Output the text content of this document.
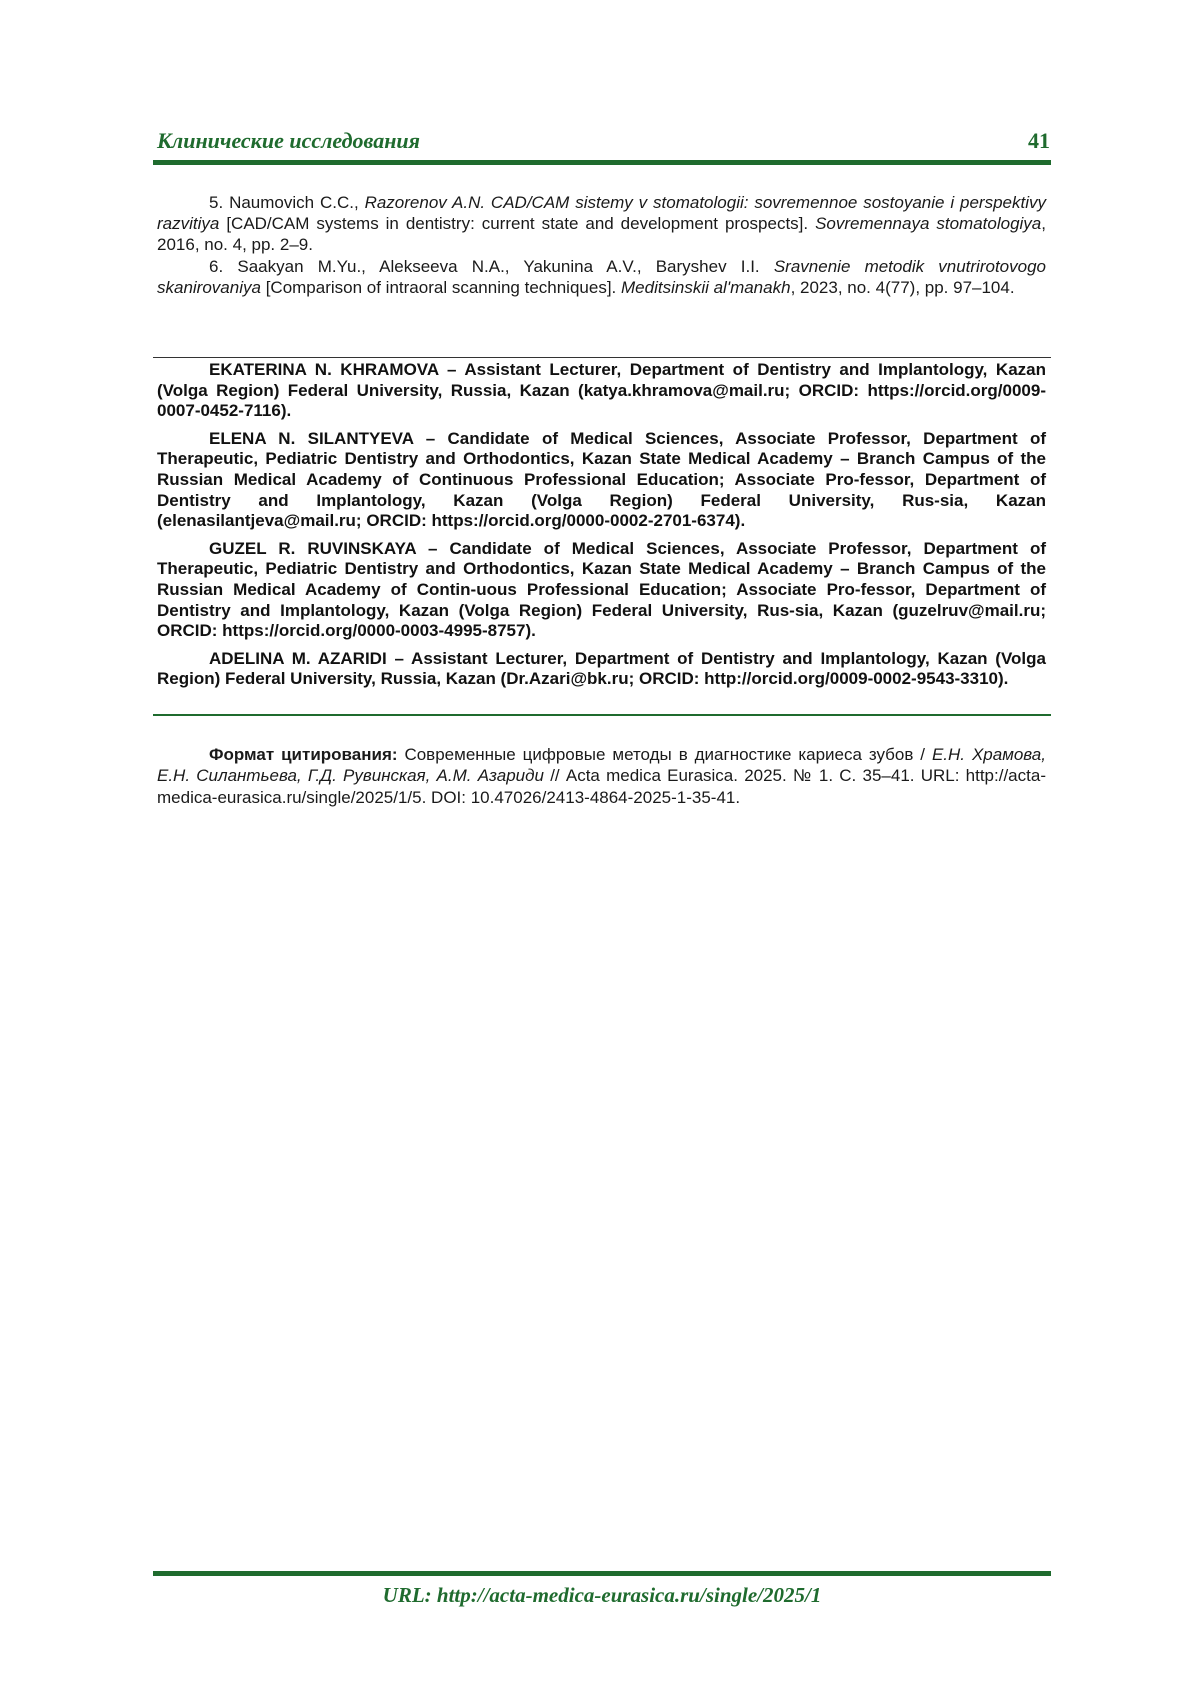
Клинические исследования	41

5. Naumovich C.C., Razorenov A.N. CAD/CAM sistemy v stomatologii: sovremennoe sostoyanie i perspektivy razvitiya [CAD/CAM systems in dentistry: current state and development prospects]. Sovremennaya stomatologiya, 2016, no. 4, pp. 2–9.

6. Saakyan M.Yu., Alekseeva N.A., Yakunina A.V., Baryshev I.I. Sravnenie metodik vnutrirotovogo skanirovaniya [Comparison of intraoral scanning techniques]. Meditsinskii al'manakh, 2023, no. 4(77), pp. 97–104.

EKATERINA N. KHRAMOVA – Assistant Lecturer, Department of Dentistry and Implantology, Kazan (Volga Region) Federal University, Russia, Kazan (katya.khramova@mail.ru; ORCID: https://orcid.org/0009-0007-0452-7116).

ELENA N. SILANTYEVA – Candidate of Medical Sciences, Associate Professor, Department of Therapeutic, Pediatric Dentistry and Orthodontics, Kazan State Medical Academy – Branch Campus of the Russian Medical Academy of Continuous Professional Education; Associate Pro-fessor, Department of Dentistry and Implantology, Kazan (Volga Region) Federal University, Rus-sia, Kazan (elenasilantjeva@mail.ru; ORCID: https://orcid.org/0000-0002-2701-6374).

GUZEL R. RUVINSKAYA – Candidate of Medical Sciences, Associate Professor, Department of Therapeutic, Pediatric Dentistry and Orthodontics, Kazan State Medical Academy – Branch Campus of the Russian Medical Academy of Contin-uous Professional Education; Associate Pro-fessor, Department of Dentistry and Implantology, Kazan (Volga Region) Federal University, Rus-sia, Kazan (guzelruv@mail.ru; ORCID: https://orcid.org/0000-0003-4995-8757).

ADELINA M. AZARIDI – Assistant Lecturer, Department of Dentistry and Implantology, Kazan (Volga Region) Federal University, Russia, Kazan (Dr.Azari@bk.ru; ORCID: http://orcid.org/0009-0002-9543-3310).

Формат цитирования: Современные цифровые методы в диагностике кариеса зубов / Е.Н. Храмова, Е.Н. Силантьева, Г.Д. Рувинская, А.М. Азариди // Acta medica Eurasica. 2025. № 1. С. 35–41. URL: http://acta-medica-eurasica.ru/single/2025/1/5. DOI: 10.47026/2413-4864-2025-1-35-41.

URL: http://acta-medica-eurasica.ru/single/2025/1
